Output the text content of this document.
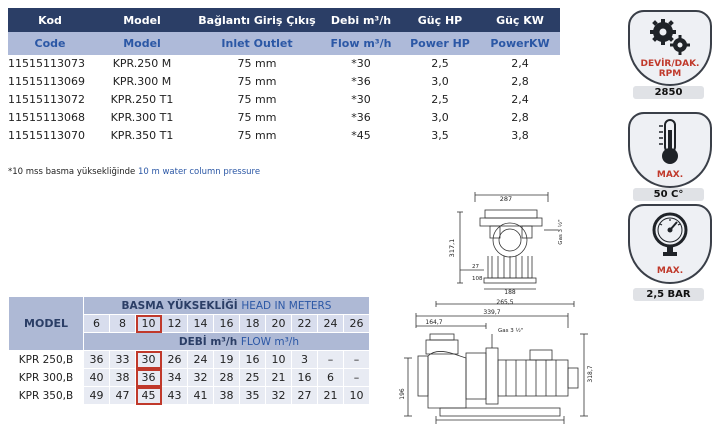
Kod	Model	Bağlantı Giriş Çıkış	Debi m³/h	Güç HP	Güç KW
Code	Model	Inlet Outlet	Flow m³/h	Power HP	PowerKW
11515113073	KPR.250 M	75 mm	*30	2,5	2,4
11515113069	KPR.300 M	75 mm	*36	3,0	2,8
11515113072	KPR.250 T1	75 mm	*30	2,5	2,4
11515113068	KPR.300 T1	75 mm	*36	3,0	2,8
11515113070	KPR.350 T1	75 mm	*45	3,5	3,8
*10 mss basma yüksekliğinde 10 m water column pressure
MODEL	BASMA YÜKSEKLİĞİ HEAD IN METERS										
	6	8	10	12	14	16	18	20	22	24	26
	DEBİ m³/h FLOW m³/h										
KPR 250,B	36	33	30	26	24	19	16	10	3	–	–
KPR 300,B	40	38	36	34	32	28	25	21	16	6	–
KPR 350,B	49	47	45	43	41	38	35	32	27	21	10
287
317,1
Gas 3 ½"
27
108
188
265,5
339,7
164,7
Gas 3 ½"
318,7
196
DEVİR/DAK. RPM
2850
MAX.
50 C°
MAX.
2,5 BAR
